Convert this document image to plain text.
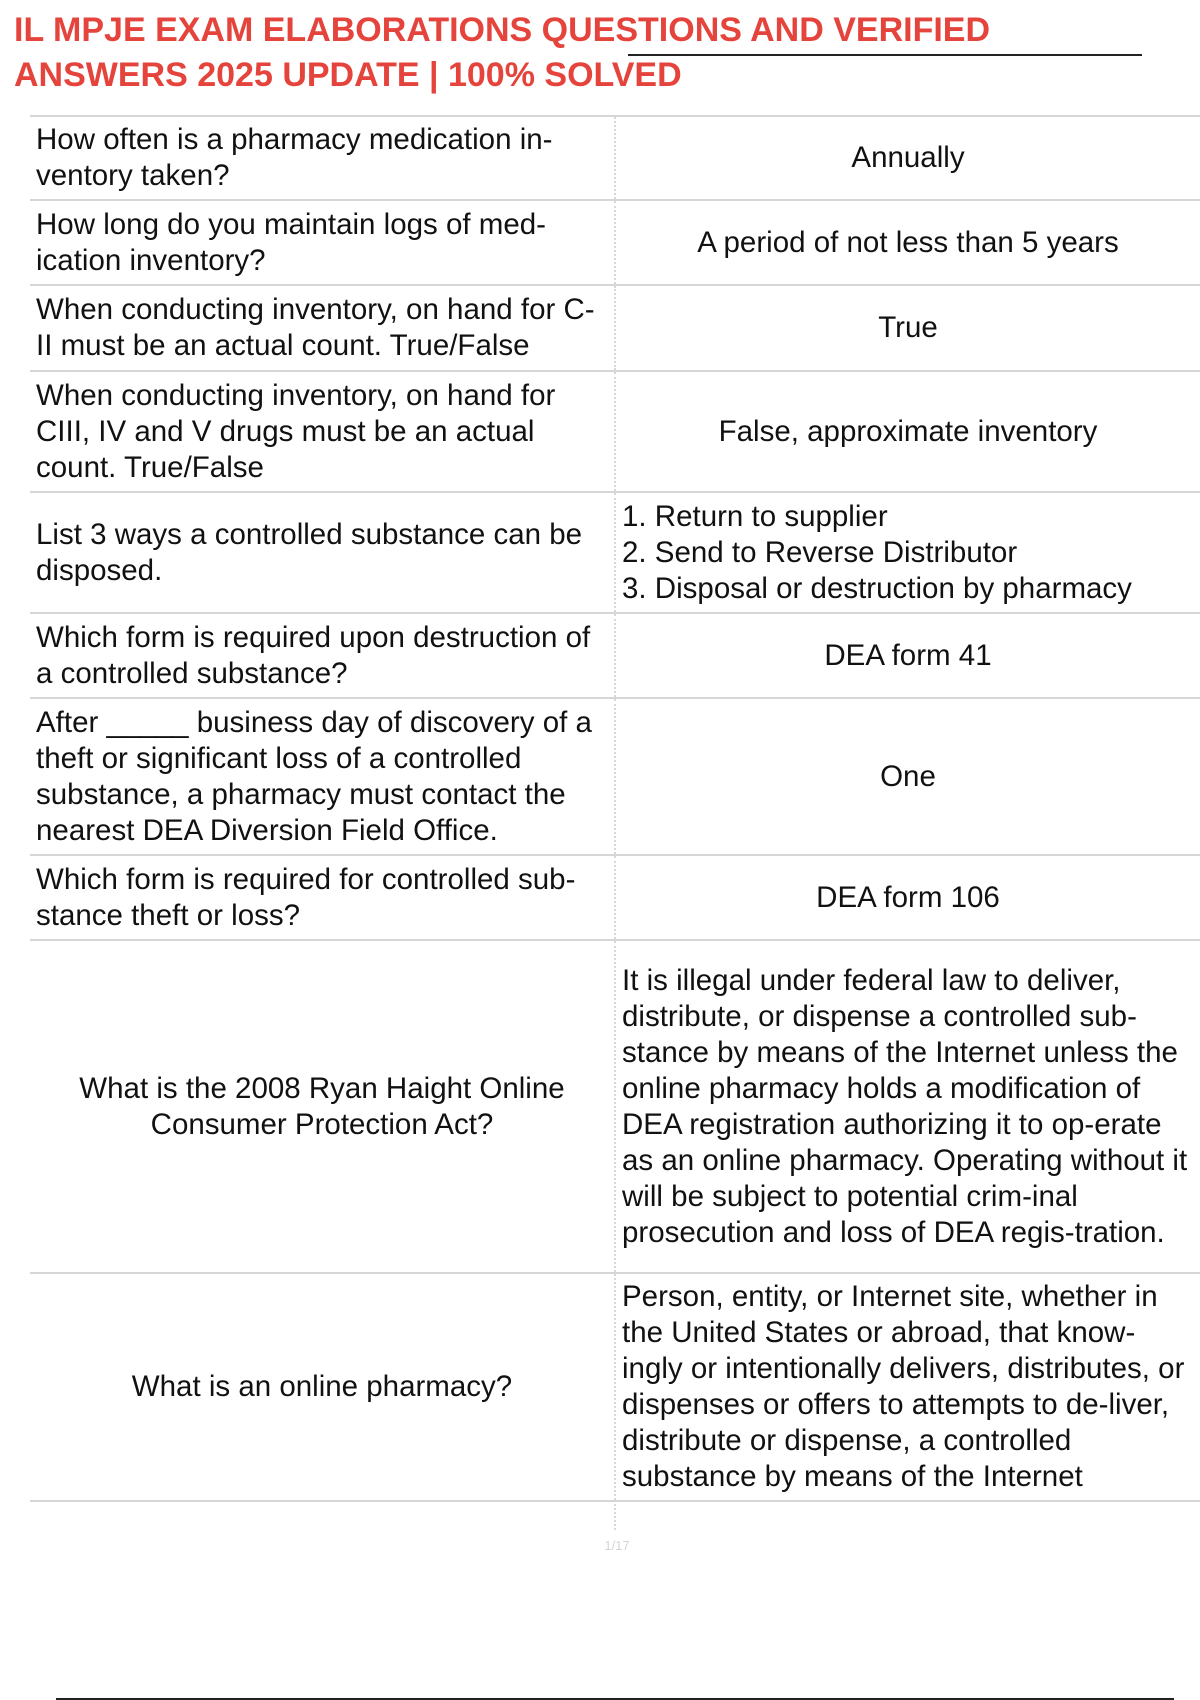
IL MPJE EXAM ELABORATIONS QUESTIONS AND VERIFIED
ANSWERS 2025 UPDATE | 100% SOLVED
How often is a pharmacy medication in-ventory taken?	Annually
How long do you maintain logs of med-ication inventory?	A period of not less than 5 years
When conducting inventory, on hand for C-II must be an actual count. True/False	True
When conducting inventory, on hand for CIII, IV and V drugs must be an actual count. True/False	False, approximate inventory
List 3 ways a controlled substance can be disposed.	1. Return to supplier
2. Send to Reverse Distributor
3. Disposal or destruction by pharmacy

Which form is required upon destruction of a controlled substance?	DEA form 41
After _____ business day of discovery of a theft or significant loss of a controlled substance, a pharmacy must contact the nearest DEA Diversion Field Office.	One
Which form is required for controlled sub-stance theft or loss?	DEA form 106
What is the 2008 Ryan Haight Online Consumer Protection Act?	It is illegal under federal law to deliver, distribute, or dispense a controlled sub-stance by means of the Internet unless the online pharmacy holds a modification of DEA registration authorizing it to op-erate as an online pharmacy. Operating without it will be subject to potential crim-inal prosecution and loss of DEA regis-tration.
What is an online pharmacy?	Person, entity, or Internet site, whether in the United States or abroad, that know-ingly or intentionally delivers, distributes, or dispenses or offers to attempts to de-liver, distribute or dispense, a controlled substance by means of the Internet
1/17
